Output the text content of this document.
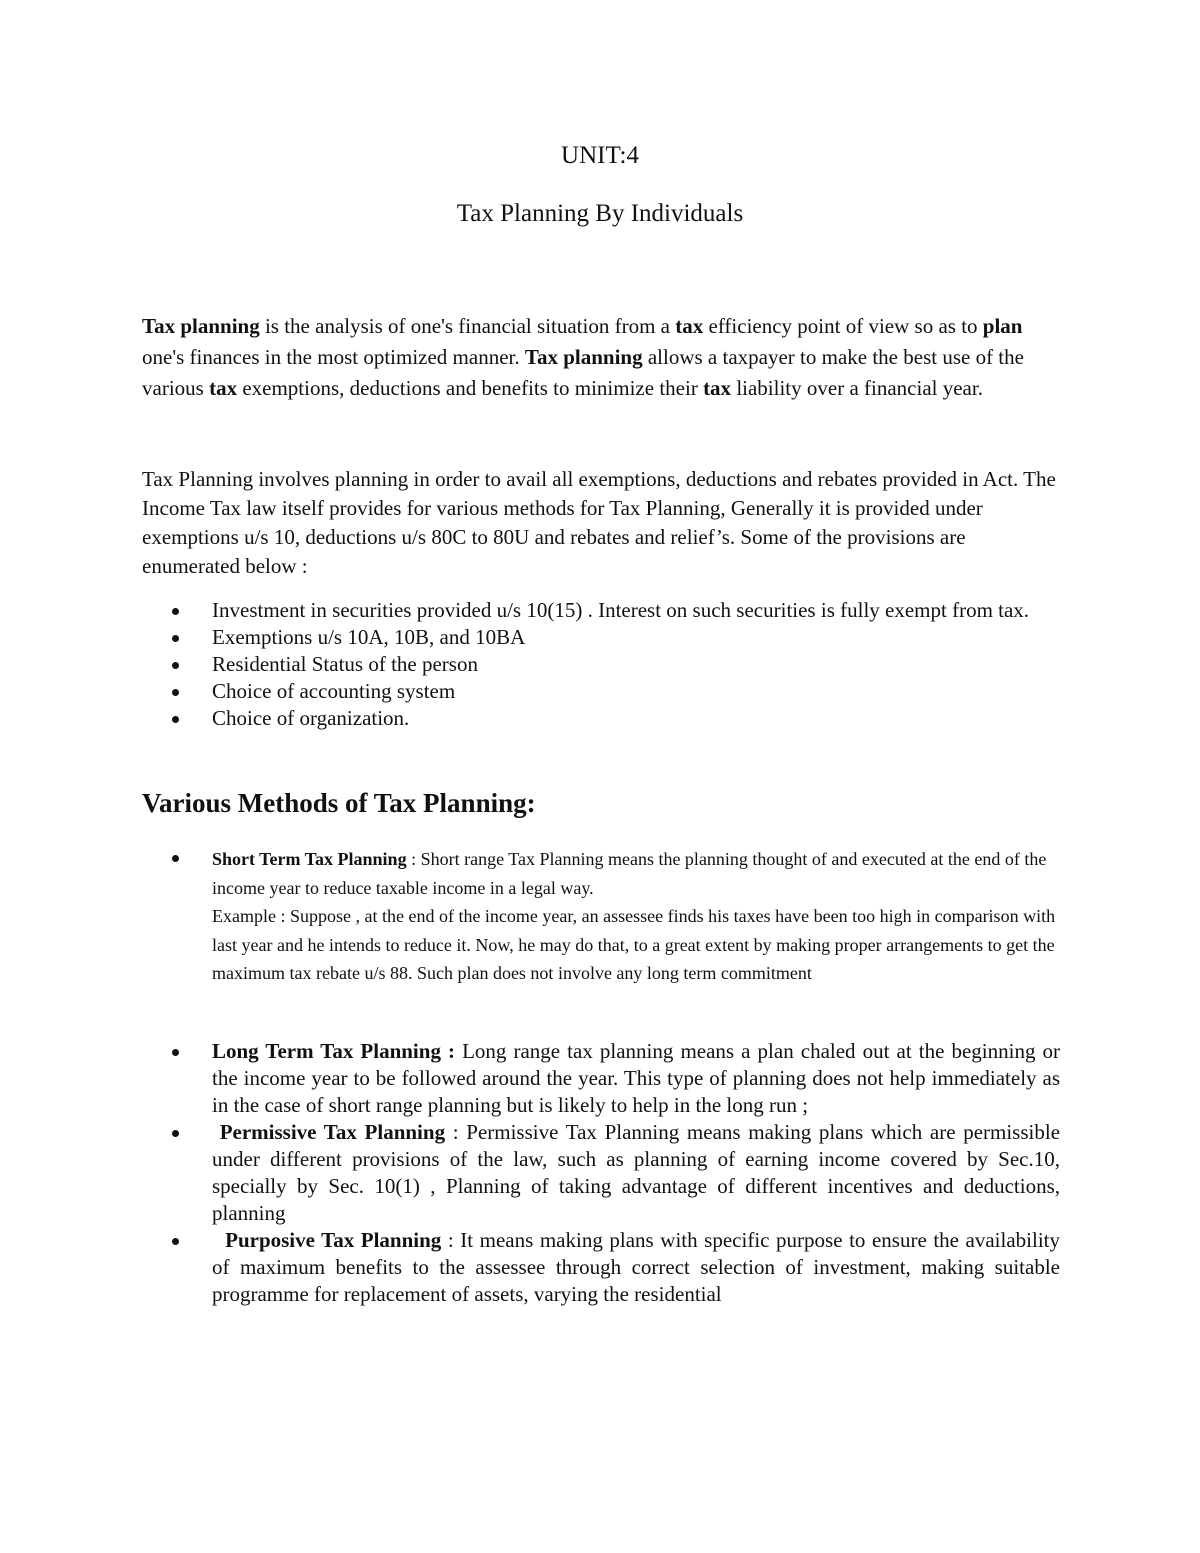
UNIT:4
Tax Planning By Individuals
Tax planning is the analysis of one's financial situation from a tax efficiency point of view so as to plan one's finances in the most optimized manner. Tax planning allows a taxpayer to make the best use of the various tax exemptions, deductions and benefits to minimize their tax liability over a financial year.
Tax Planning involves planning in order to avail all exemptions, deductions and rebates provided in Act. The Income Tax law itself provides for various methods for Tax Planning, Generally it is provided under exemptions u/s 10, deductions u/s 80C to 80U and rebates and relief’s. Some of the provisions are enumerated below :
Investment in securities provided u/s 10(15) . Interest on such securities is fully exempt from tax.
Exemptions u/s 10A, 10B, and 10BA
Residential Status of the person
Choice of accounting system
Choice of organization.
Various Methods of Tax Planning:
Short Term Tax Planning : Short range Tax Planning means the planning thought of and executed at the end of the income year to reduce taxable income in a legal way.
Example : Suppose , at the end of the income year, an assessee finds his taxes have been too high in comparison with last year and he intends to reduce it. Now, he may do that, to a great extent by making proper arrangements to get the maximum tax rebate u/s 88. Such plan does not involve any long term commitment
Long Term Tax Planning : Long range tax planning means a plan chaled out at the beginning or the income year to be followed around the year. This type of planning does not help immediately as in the case of short range planning but is likely to help in the long run ;
Permissive Tax Planning : Permissive Tax Planning means making plans which are permissible under different provisions of the law, such as planning of earning income covered by Sec.10, specially by Sec. 10(1) , Planning of taking advantage of different incentives and deductions, planning
Purposive Tax Planning : It means making plans with specific purpose to ensure the availability of maximum benefits to the assessee through correct selection of investment, making suitable programme for replacement of assets, varying the residential
